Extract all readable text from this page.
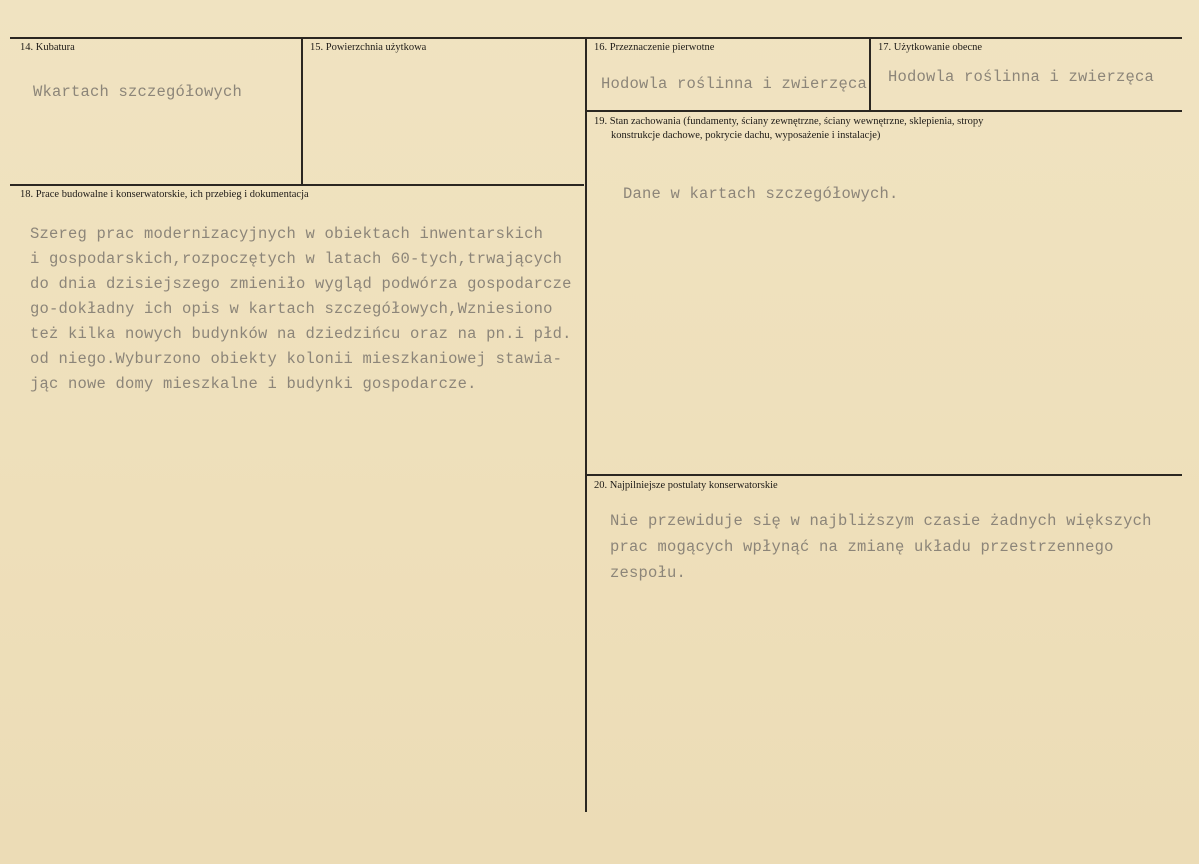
14. Kubatura
Wkartach szczegółowych
15. Powierzchnia użytkowa	16. Przeznaczenie pierwotne
Hodowla roślinna i zwierzęca
17. Użytkowanie obecne
Hodowla roślinna i zwierzęca
19. Stan zachowania (fundamenty, ściany zewnętrzne, ściany wewnętrzne, sklepienia, stropy
konstrukcje dachowe, pokrycie dachu, wyposażenie i instalacje)
Dane w kartach szczegółowych.
18. Prace budowalne i konserwatorskie, ich przebieg i dokumentacja
Szereg prac modernizacyjnych w obiektach inwentarskich
i gospodarskich,rozpoczętych w latach 60-tych,trwających
do dnia dzisiejszego zmieniło wygląd podwórza gospodarcze
go-dokładny ich opis w kartach szczegółowych,Wzniesiono
też kilka nowych budynków na dziedzińcu oraz na pn.i płd.
od niego.Wyburzono obiekty kolonii mieszkaniowej stawia-
jąc nowe domy mieszkalne i budynki gospodarcze.
20. Najpilniejsze postulaty konserwatorskie
Nie przewiduje się w najbliższym czasie żadnych większych
prac mogących wpłynąć na zmianę układu przestrzennego
zespołu.
